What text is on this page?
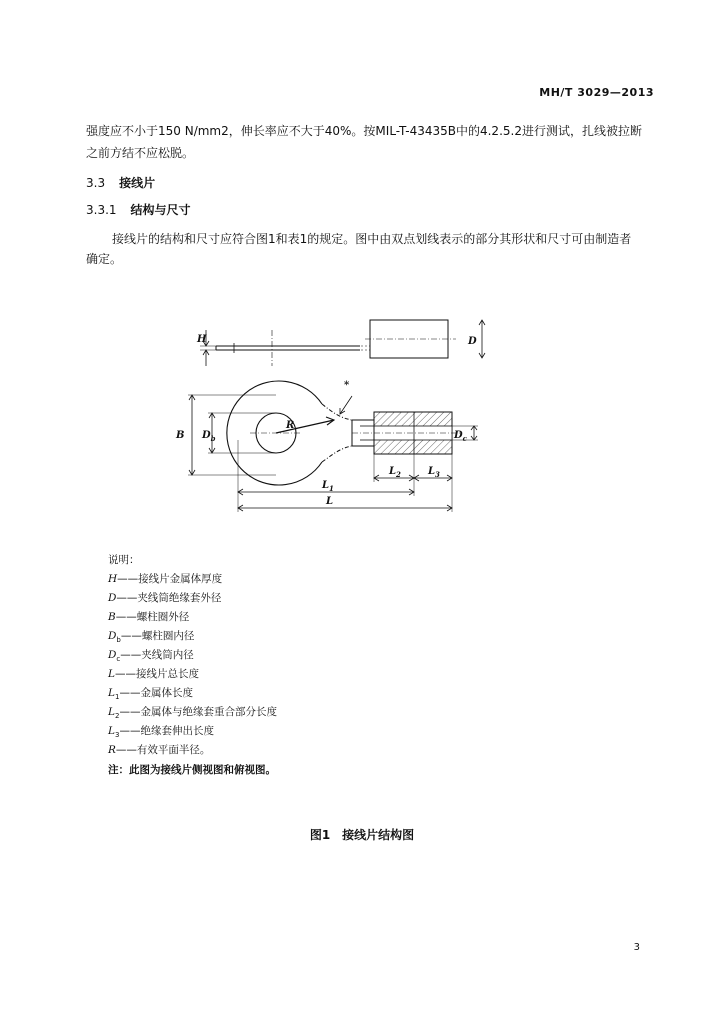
MH/T 3029—2013
强度应不小于150 N/mm2，伸长率应不大于40%。按MIL-T-43435B中的4.2.5.2进行测试，扎线被拉断
之前方结不应松脱。
3.3 接线片
3.3.1 结构与尺寸
接线片的结构和尺寸应符合图1和表1的规定。图中由双点划线表示的部分其形状和尺寸可由制造者
确定。
H	D
B $D_b$
R
$D_c$
*
$L_2$	$L_3$
$L_1$
L
说明：
H——接线片金属体厚度
D——夹线筒绝缘套外径
B——螺柱圈外径
$D_b——$螺柱圈内径
$D_c——$夹线筒内径
L——接线片总长度
$L_1——$金属体长度
$L_2——$金属体与绝缘套重合部分长度
$L_3——$绝缘套伸出长度
R——有效平面半径。
注：此图为接线片侧视图和俯视图。
图1　接线片结构图
3
